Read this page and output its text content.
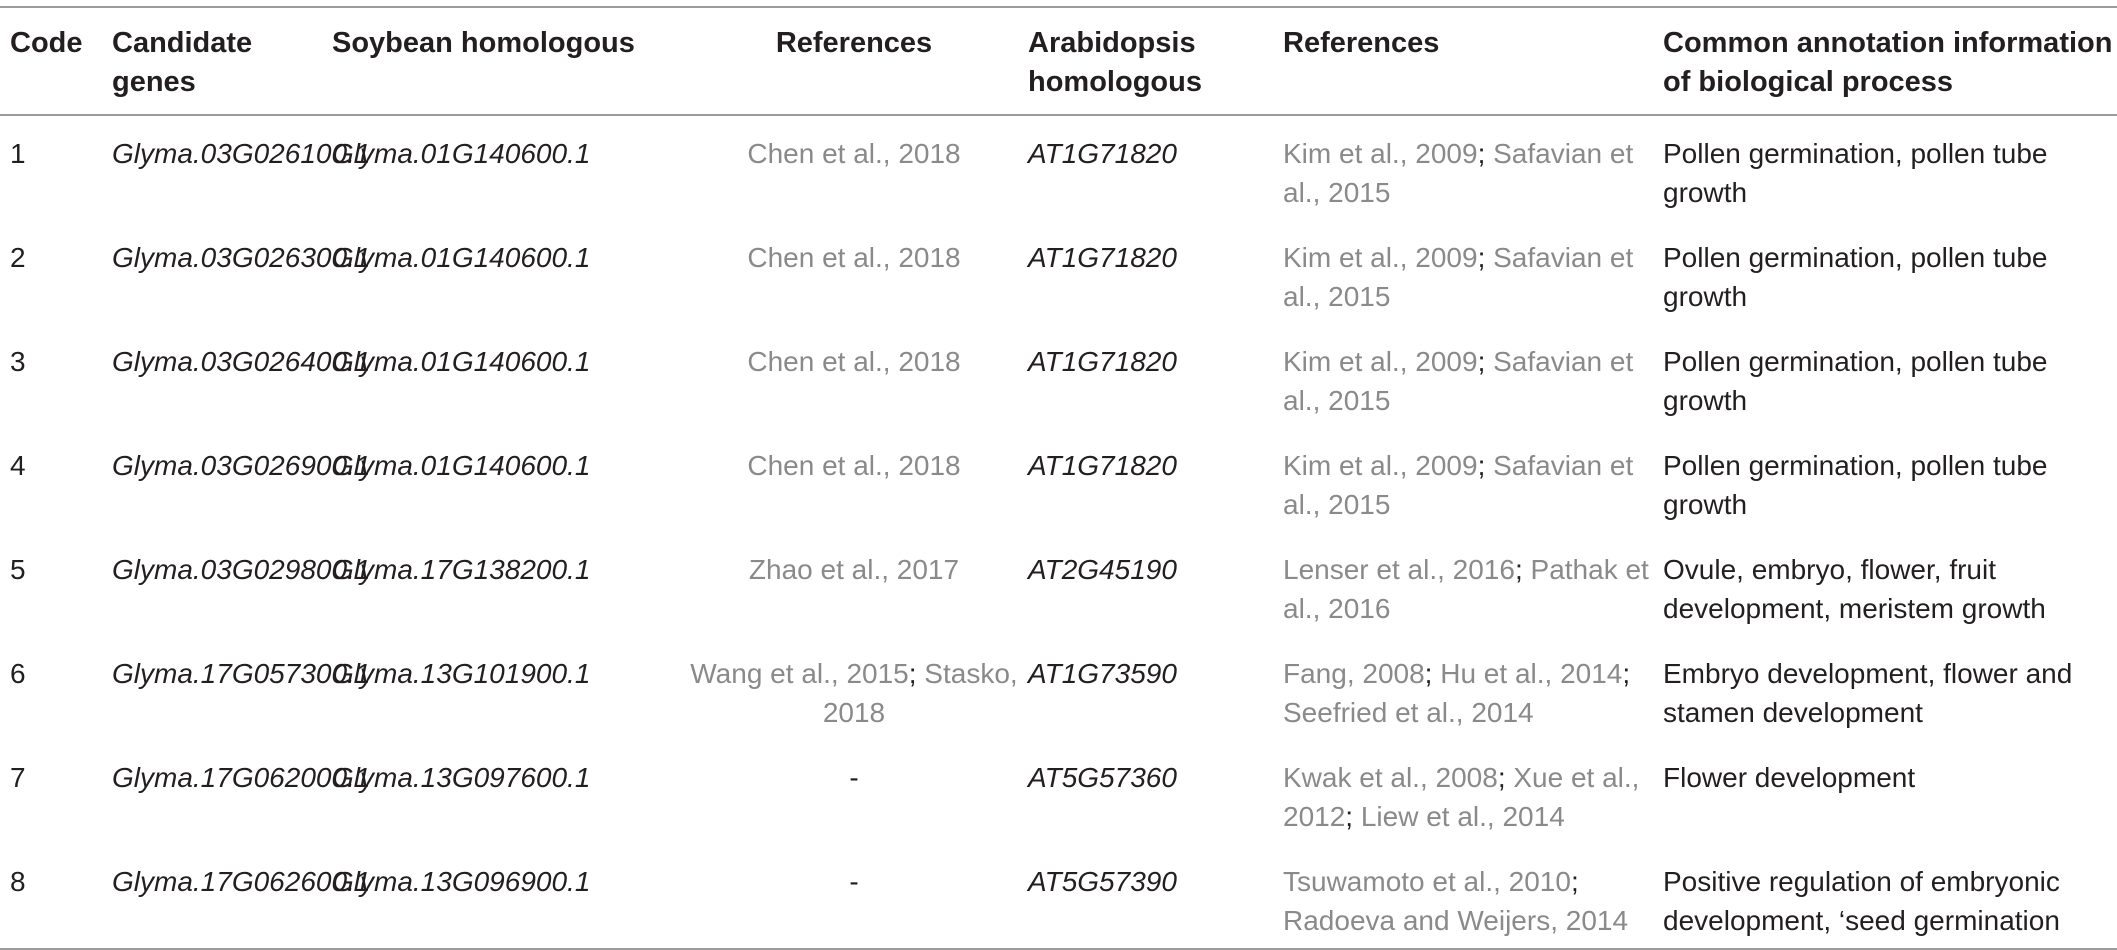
Code	Candidate genes	Soybean homologous	References	Arabidopsis homologous	References	Common annotation information of biological process
1	Glyma.03G026100.1	Glyma.01G140600.1	Chen et al., 2018	AT1G71820	Kim et al., 2009; Safavian et al., 2015	Pollen germination, pollen tube growth
2	Glyma.03G026300.1	Glyma.01G140600.1	Chen et al., 2018	AT1G71820	Kim et al., 2009; Safavian et al., 2015	Pollen germination, pollen tube growth
3	Glyma.03G026400.1	Glyma.01G140600.1	Chen et al., 2018	AT1G71820	Kim et al., 2009; Safavian et al., 2015	Pollen germination, pollen tube growth
4	Glyma.03G026900.1	Glyma.01G140600.1	Chen et al., 2018	AT1G71820	Kim et al., 2009; Safavian et al., 2015	Pollen germination, pollen tube growth
5	Glyma.03G029800.1	Glyma.17G138200.1	Zhao et al., 2017	AT2G45190	Lenser et al., 2016; Pathak et al., 2016	Ovule, embryo, flower, fruit development, meristem growth
6	Glyma.17G057300.1	Glyma.13G101900.1	Wang et al., 2015; Stasko, 2018	AT1G73590	Fang, 2008; Hu et al., 2014; Seefried et al., 2014	Embryo development, flower and stamen development
7	Glyma.17G062000.1	Glyma.13G097600.1	-	AT5G57360	Kwak et al., 2008; Xue et al., 2012; Liew et al., 2014	Flower development
8	Glyma.17G062600.1	Glyma.13G096900.1	-	AT5G57390	Tsuwamoto et al., 2010; Radoeva and Weijers, 2014	Positive regulation of embryonic development, ‘seed germination
